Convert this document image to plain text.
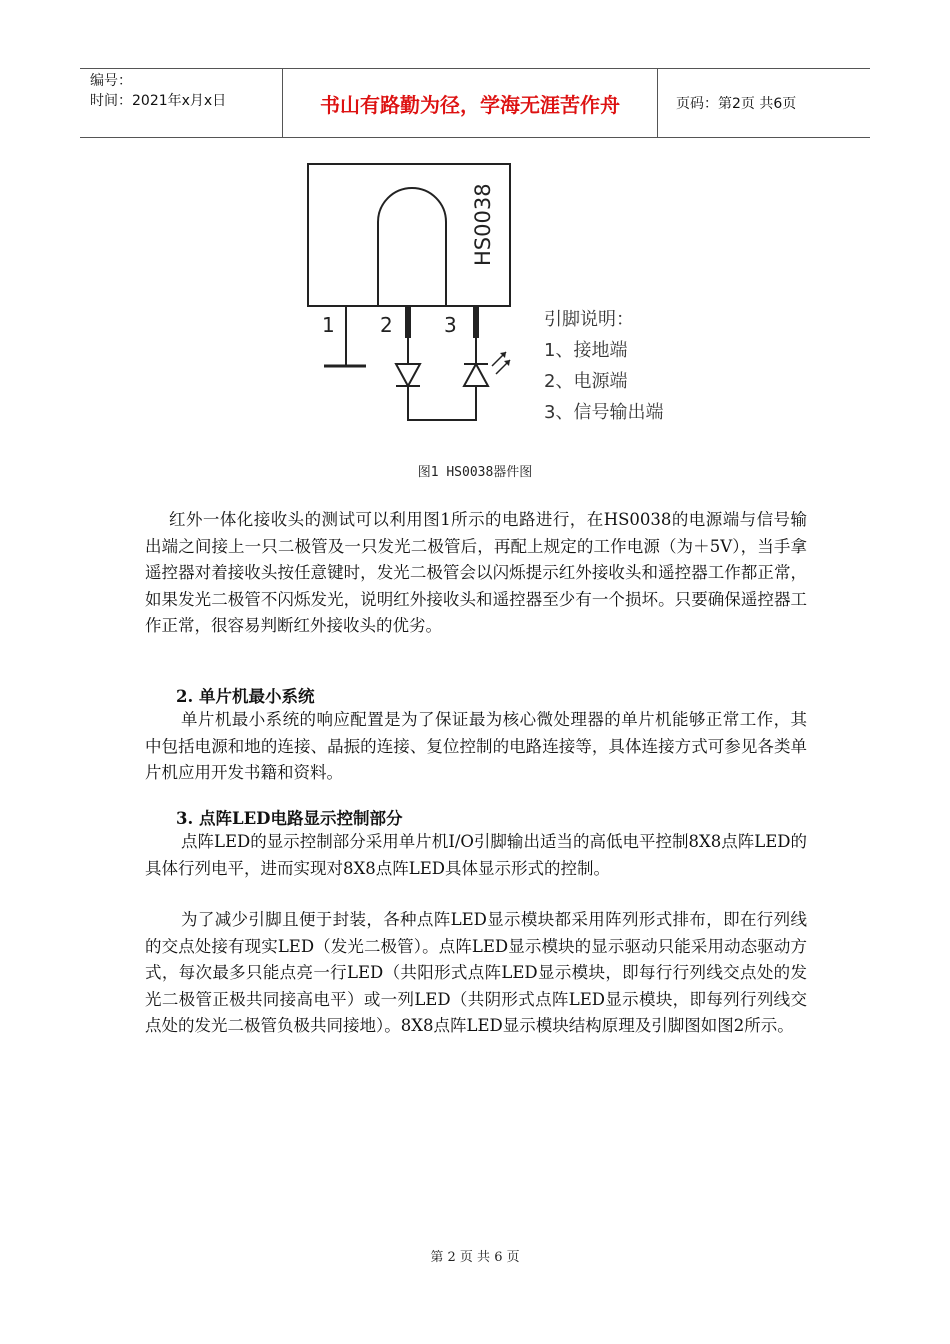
编号：
时间：2021年x月x日	书山有路勤为径，学海无涯苦作舟	页码：第2页 共6页
HS0038
1 2	3	引脚说明：
1、接地端
2、电源端
3、信号输出端
图1 HS0038器件图

红外一体化接收头的测试可以利用图1所示的电路进行，在HS0038的电源端与信号输出端之间接上一只二极管及一只发光二极管后，再配上规定的工作电源（为＋5V），当手拿遥控器对着接收头按任意键时，发光二极管会以闪烁提示红外接收头和遥控器工作都正常，如果发光二极管不闪烁发光，说明红外接收头和遥控器至少有一个损坏。只要确保遥控器工作正常，很容易判断红外接收头的优劣。

2. 单片机最小系统

单片机最小系统的响应配置是为了保证最为核心微处理器的单片机能够正常工作，其中包括电源和地的连接、晶振的连接、复位控制的电路连接等，具体连接方式可参见各类单片机应用开发书籍和资料。

3. 点阵LED电路显示控制部分

点阵LED的显示控制部分采用单片机I/O引脚输出适当的高低电平控制8X8点阵LED的具体行列电平，进而实现对8X8点阵LED具体显示形式的控制。

为了减少引脚且便于封装，各种点阵LED显示模块都采用阵列形式排布，即在行列线的交点处接有现实LED（发光二极管）。点阵LED显示模块的显示驱动只能采用动态驱动方式，每次最多只能点亮一行LED（共阳形式点阵LED显示模块，即每行行列线交点处的发光二极管正极共同接高电平）或一列LED（共阴形式点阵LED显示模块，即每列行列线交点处的发光二极管负极共同接地）。8X8点阵LED显示模块结构原理及引脚图如图2所示。

第 2 页 共 6 页
